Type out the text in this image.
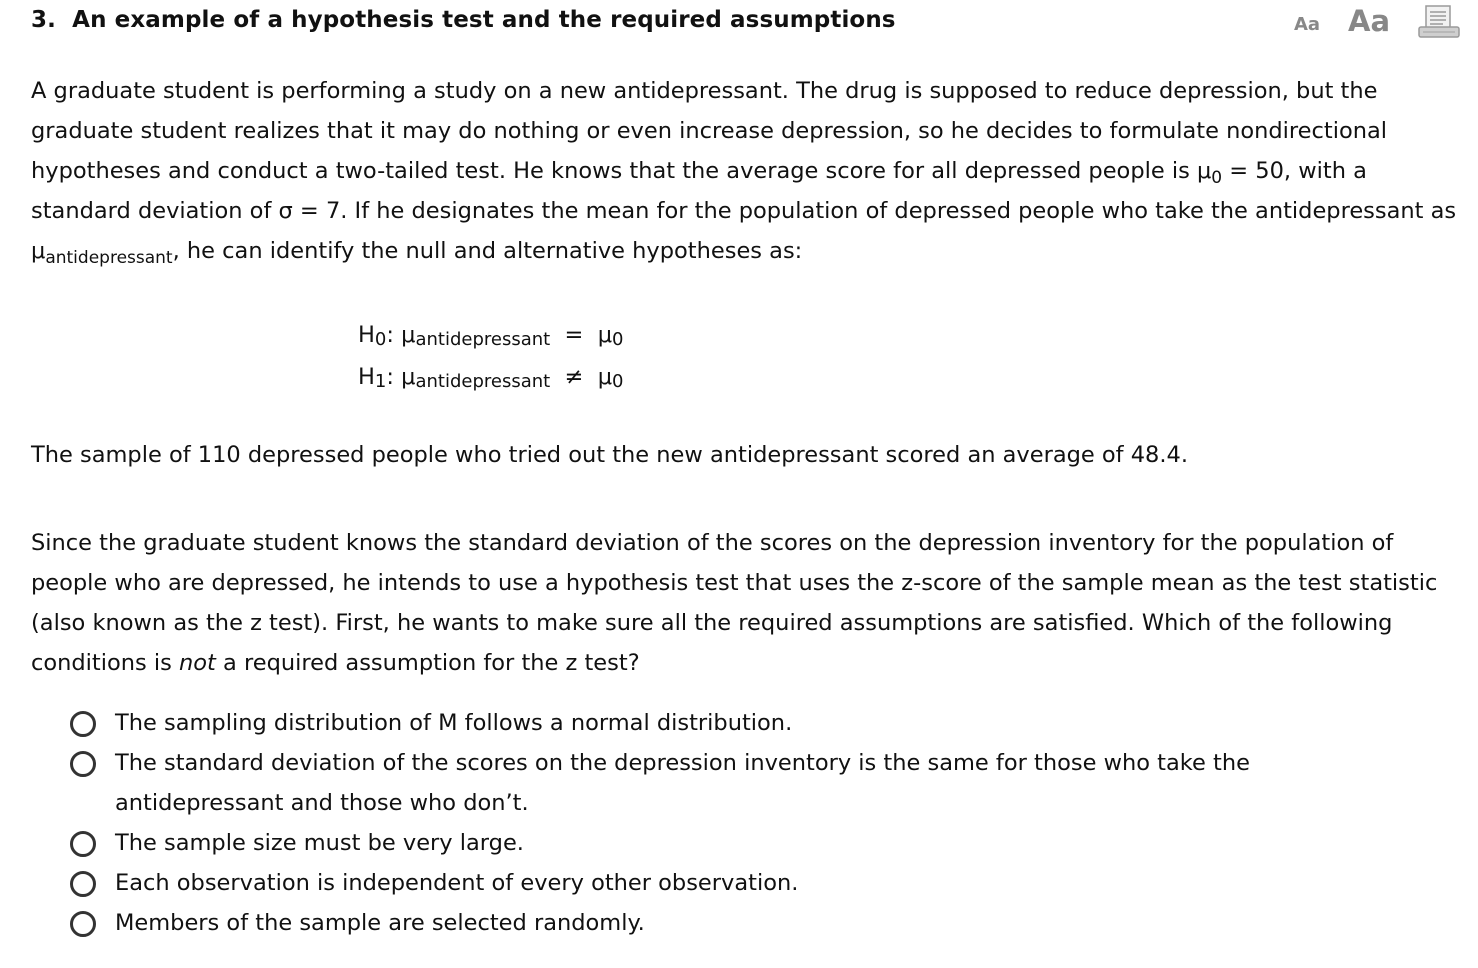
3. An example of a hypothesis test and the required assumptions	Aa Aa

A graduate student is performing a study on a new antidepressant. The drug is supposed to reduce depression, but the graduate student realizes that it may do nothing or even increase depression, so he decides to formulate nondirectional hypotheses and conduct a two-tailed test. He knows that the average score for all depressed people is $\mu_0 = 50$, with a standard deviation of σ = 7. If he designates the mean for the population of depressed people who take the antidepressant as $\mu_{antidepressant}$, he can identify the null and alternative hypotheses as:

H0: μantidepressant = μ0
H1: μantidepressant ≠ μ0

The sample of 110 depressed people who tried out the new antidepressant scored an average of 48.4.

Since the graduate student knows the standard deviation of the scores on the depression inventory for the population of people who are depressed, he intends to use a hypothesis test that uses the z-score of the sample mean as the test statistic (also known as the z test). First, he wants to make sure all the required assumptions are satisfied. Which of the following conditions is not a required assumption for the z test?

The sampling distribution of M follows a normal distribution.
The standard deviation of the scores on the depression inventory is the same for those who take the antidepressant and those who don’t.
The sample size must be very large.
Each observation is independent of every other observation.
Members of the sample are selected randomly.
